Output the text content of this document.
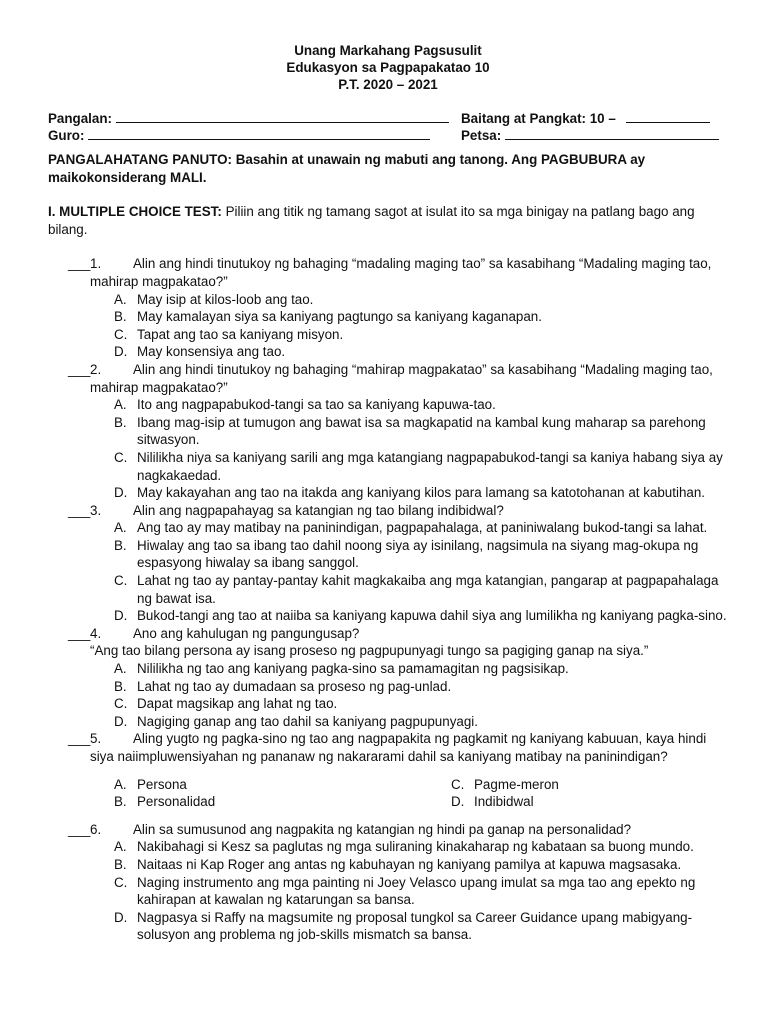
Unang Markahang Pagsusulit
Edukasyon sa Pagpapakatao 10
P.T. 2020 – 2021
Pangalan:	Baitang at Pangkat: 10 –
Guro:	Petsa:
PANGALAHATANG PANUTO: Basahin at unawain ng mabuti ang tanong. Ang PAGBUBURA ay maikokonsiderang MALI.
I. MULTIPLE CHOICE TEST: Piliin ang titik ng tamang sagot at isulat ito sa mga binigay na patlang bago ang bilang.
___ 1. Alin ang hindi tinutukoy ng bahaging “madaling maging tao” sa kasabihang “Madaling maging tao, mahirap magpakatao?”
A. May isip at kilos-loob ang tao.
B. May kamalayan siya sa kaniyang pagtungo sa kaniyang kaganapan.
C. Tapat ang tao sa kaniyang misyon.
D. May konsensiya ang tao.
___ 2. Alin ang hindi tinutukoy ng bahaging “mahirap magpakatao” sa kasabihang “Madaling maging tao, mahirap magpakatao?”
A. Ito ang nagpapabukod-tangi sa tao sa kaniyang kapuwa-tao.
B. Ibang mag-isip at tumugon ang bawat isa sa magkapatid na kambal kung maharap sa parehong sitwasyon.
C. Nililikha niya sa kaniyang sarili ang mga katangiang nagpapabukod-tangi sa kaniya habang siya ay nagkakaedad.
D. May kakayahan ang tao na itakda ang kaniyang kilos para lamang sa katotohanan at kabutihan.
___ 3. Alin ang nagpapahayag sa katangian ng tao bilang indibidwal?
A. Ang tao ay may matibay na paninindigan, pagpapahalaga, at paniniwalang bukod-tangi sa lahat.
B. Hiwalay ang tao sa ibang tao dahil noong siya ay isinilang, nagsimula na siyang mag-okupa ng espasyong hiwalay sa ibang sanggol.
C. Lahat ng tao ay pantay-pantay kahit magkakaiba ang mga katangian, pangarap at pagpapahalaga ng bawat isa.
D. Bukod-tangi ang tao at naiiba sa kaniyang kapuwa dahil siya ang lumilikha ng kaniyang pagka-sino.
___ 4. Ano ang kahulugan ng pangungusap?
“Ang tao bilang persona ay isang proseso ng pagpupunyagi tungo sa pagiging ganap na siya.”
A. Nililikha ng tao ang kaniyang pagka-sino sa pamamagitan ng pagsisikap.
B. Lahat ng tao ay dumadaan sa proseso ng pag-unlad.
C. Dapat magsikap ang lahat ng tao.
D. Nagiging ganap ang tao dahil sa kaniyang pagpupunyagi.
___ 5. Aling yugto ng pagka-sino ng tao ang nagpapakita ng pagkamit ng kaniyang kabuuan, kaya hindi siya naiimpluwensiyahan ng pananaw ng nakararami dahil sa kaniyang matibay na paninindigan?
A. Persona	C. Pagme-meron
B. Personalidad	D. Indibidwal
___ 6. Alin sa sumusunod ang nagpakita ng katangian ng hindi pa ganap na personalidad?
A. Nakibahagi si Kesz sa paglutas ng mga suliraning kinakaharap ng kabataan sa buong mundo.
B. Naitaas ni Kap Roger ang antas ng kabuhayan ng kaniyang pamilya at kapuwa magsasaka.
C. Naging instrumento ang mga painting ni Joey Velasco upang imulat sa mga tao ang epekto ng kahirapan at kawalan ng katarungan sa bansa.
D. Nagpasya si Raffy na magsumite ng proposal tungkol sa Career Guidance upang mabigyang-solusyon ang problema ng job-skills mismatch sa bansa.
